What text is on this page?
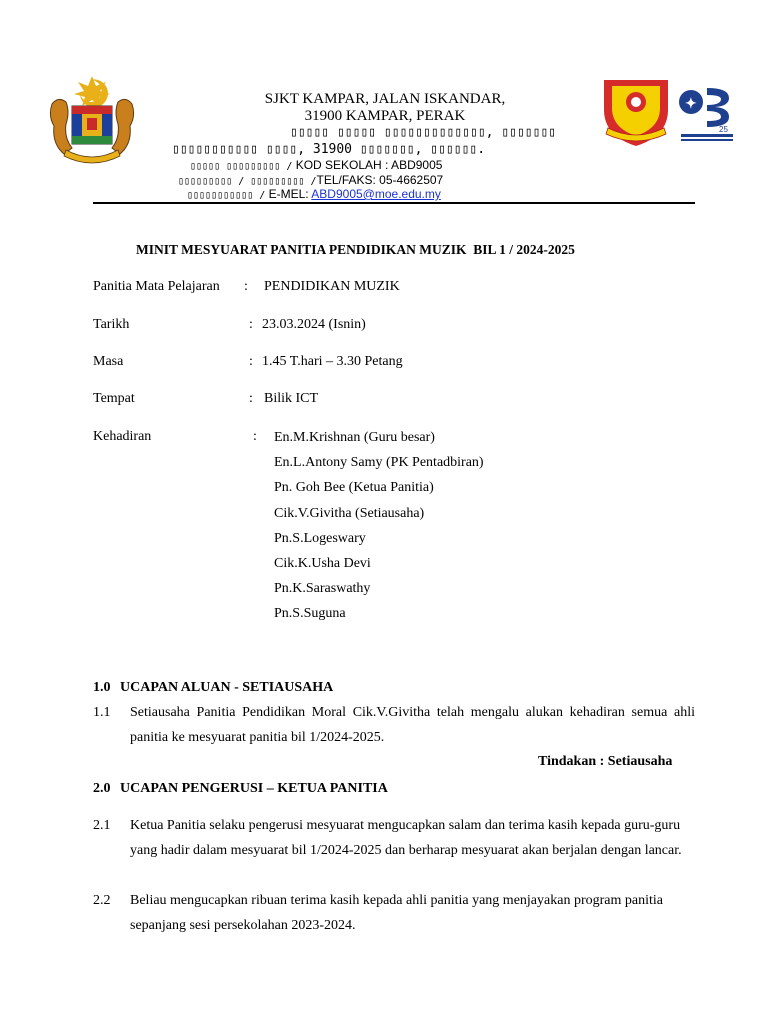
✦
25
SJKT KAMPAR, JALAN ISKANDAR,
31900 KAMPAR, PERAK
▯▯▯▯▯ ▯▯▯▯▯ ▯▯▯▯▯▯▯▯▯▯▯▯▯, ▯▯▯▯▯▯▯
▯▯▯▯▯▯▯▯▯▯▯ ▯▯▯▯, 31900 ▯▯▯▯▯▯▯, ▯▯▯▯▯▯.
▯▯▯▯▯ ▯▯▯▯▯▯▯▯▯ / KOD SEKOLAH : ABD9005
▯▯▯▯▯▯▯▯▯ / ▯▯▯▯▯▯▯▯▯ /TEL/FAKS: 05-4662507
▯▯▯▯▯▯▯▯▯▯▯ / E-MEL: ABD9005@moe.edu.my
MINIT MESYUARAT PANITIA PENDIDIKAN MUZIK  BIL 1 / 2024-2025
Panitia Mata Pelajaran : PENDIDIKAN MUZIK
Tarikh	: 23.03.2024 (Isnin)
Masa	: 1.45 T.hari – 3.30 Petang
Tempat	: Bilik ICT
Kehadiran	: En.M.Krishnan (Guru besar)
En.L.Antony Samy (PK Pentadbiran)
Pn. Goh Bee (Ketua Panitia)
Cik.V.Givitha (Setiausaha)
Pn.S.Logeswary
Cik.K.Usha Devi
Pn.K.Saraswathy
Pn.S.Suguna
1.0 UCAPAN ALUAN - SETIAUSAHA
1.1 Setiausaha Panitia Pendidikan Moral Cik.V.Givitha telah mengalu alukan kehadiran semua ahli panitia ke mesyuarat panitia bil 1/2024-2025.
Tindakan : Setiausaha
2.0 UCAPAN PENGERUSI – KETUA PANITIA
2.1 Ketua Panitia selaku pengerusi mesyuarat mengucapkan salam dan terima kasih kepada guru-guru yang hadir dalam mesyuarat bil 1/2024-2025 dan berharap mesyuarat akan berjalan dengan lancar.
2.2 Beliau mengucapkan ribuan terima kasih kepada ahli panitia yang menjayakan program panitia sepanjang sesi persekolahan 2023-2024.
